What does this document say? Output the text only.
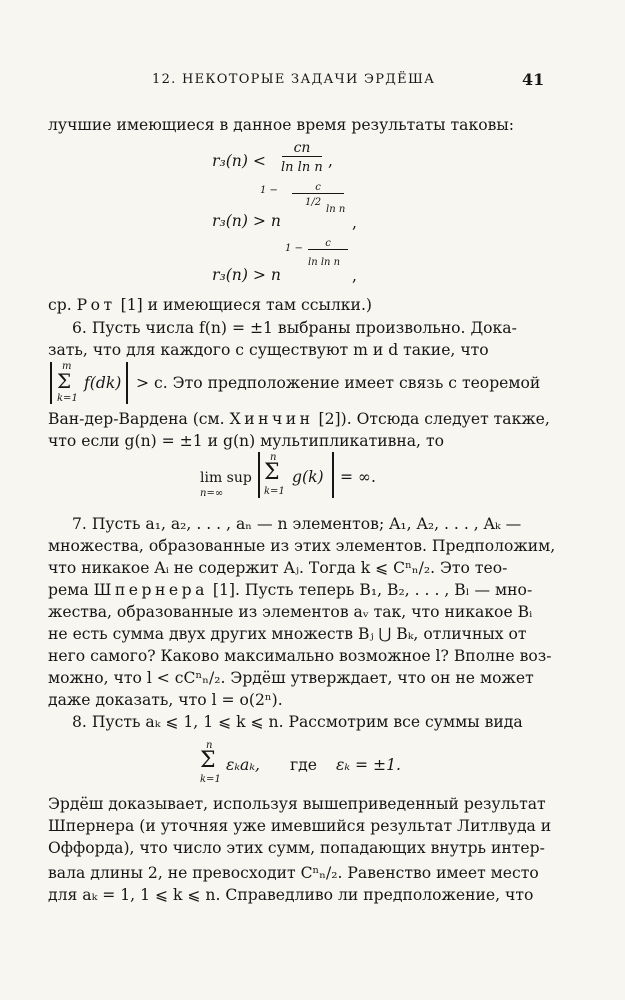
12. НЕКОТОРЫЕ ЗАДАЧИ ЭРДЁША	41
лучшие имеющиеся в данное время результаты таковы:
r₃(n) <
cn
ln ln n ,
1 −	c
1/2
ln n
r₃(n) > n	,
1 −	c
ln ln n
r₃(n) > n	,
ср. Рот [1] и имеющиеся там ссылки.)
6. Пусть числа f(n) = ±1 выбраны произвольно. Дока-
зать, что для каждого c существуют m и d такие, что
m
Σ
k=1
f(dk) > c. Это предположение имеет связь с теоремой
Ван-дер-Вардена (см. Хинчин [2]). Отсюда следует также,
что если g(n) = ±1 и g(n) мультипликативна, то
lim sup
n=∞
n
Σ
k=1
g(k) = ∞.
7. Пусть a₁, a₂, . . . , aₙ — n элементов; A₁, A₂, . . . , Aₖ —
множества, образованные из этих элементов. Предположим,
что никакое Aᵢ не содержит Aⱼ. Тогда k ⩽ Cⁿₙ/₂. Это тео-
рема Шпернера [1]. Пусть теперь B₁, B₂, . . . , Bₗ — мно-
жества, образованные из элементов aᵥ так, что никакое Bᵢ
не есть сумма двух других множеств Bⱼ ⋃ Bₖ, отличных от
него самого? Каково максимально возможное l? Вполне воз-
можно, что l < cCⁿₙ/₂. Эрдёш утверждает, что он не может
даже доказать, что l = o(2ⁿ).
8. Пусть aₖ ⩽ 1, 1 ⩽ k ⩽ n. Рассмотрим все суммы вида
n
Σ
k=1
εₖaₖ, где εₖ = ±1.
Эрдёш доказывает, используя вышеприведенный результат
Шпернера (и уточняя уже имевшийся результат Литлвуда и
Оффорда), что число этих сумм, попадающих внутрь интер-
вала длины 2, не превосходит Cⁿₙ/₂. Равенство имеет место
для aₖ = 1, 1 ⩽ k ⩽ n. Справедливо ли предположение, что
